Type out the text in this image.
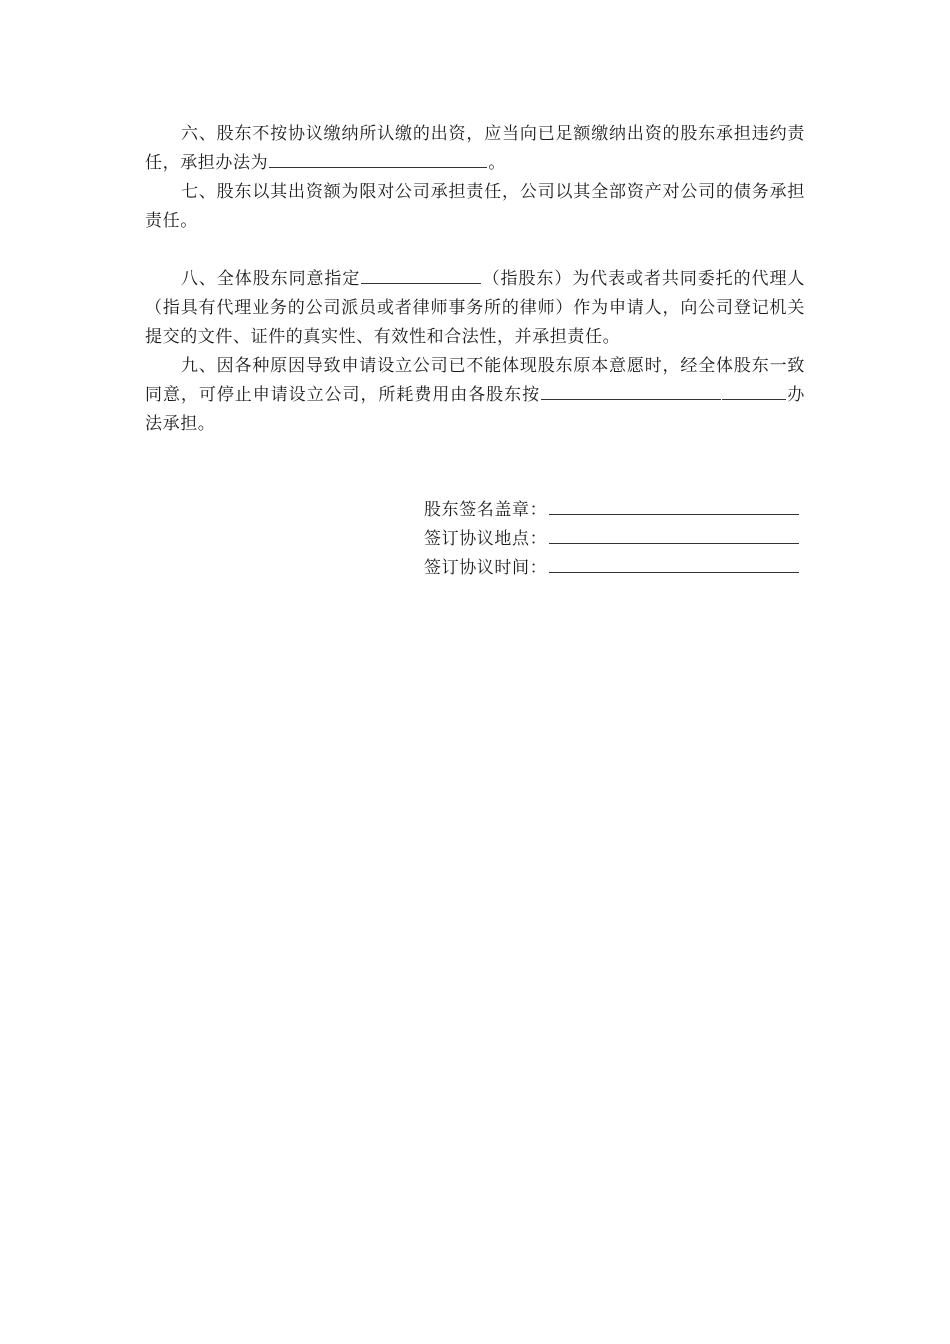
六、股东不按协议缴纳所认缴的出资，应当向已足额缴纳出资的股东承担违约责任，承担办法为	。

七、股东以其出资额为限对公司承担责任，公司以其全部资产对公司的债务承担责任。

八、全体股东同意指定	（指股东）为代表或者共同委托的代理人（指具有代理业务的公司派员或者律师事务所的律师）作为申请人，向公司登记机关提交的文件、证件的真实性、有效性和合法性，并承担责任。

九、因各种原因导致申请设立公司已不能体现股东原本意愿时，经全体股东一致同意，可停止申请设立公司，所耗费用由各股东按	办法承担。

股东签名盖章：
签订协议地点：
签订协议时间：
